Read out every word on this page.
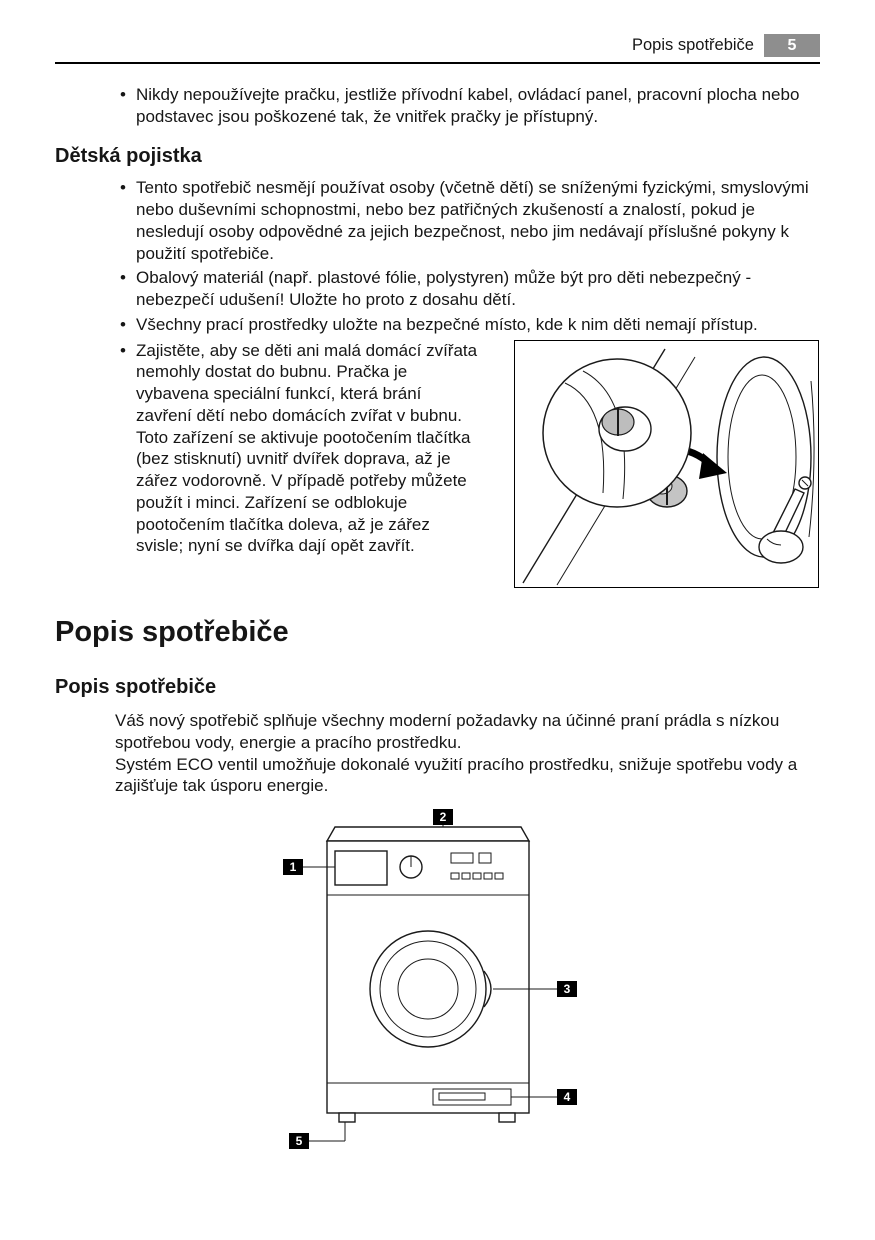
Popis spotřebiče	5
• Nikdy nepoužívejte pračku, jestliže přívodní kabel, ovládací panel, pracovní plocha nebo podstavec jsou poškozené tak, že vnitřek pračky je přístupný.
Dětská pojistka
• Tento spotřebič nesmějí používat osoby (včetně dětí) se sníženými fyzickými, smyslovými nebo duševními schopnostmi, nebo bez patřičných zkušeností a znalostí, pokud je nesledují osoby odpovědné za jejich bezpečnost, nebo jim nedávají příslušné pokyny k použití spotřebiče.
• Obalový materiál (např. plastové fólie, polystyren) může být pro děti nebezpečný - nebezpečí udušení! Uložte ho proto z dosahu dětí.
• Všechny prací prostředky uložte na bezpečné místo, kde k nim děti nemají přístup.
• Zajistěte, aby se děti ani malá domácí zvířata nemohly dostat do bubnu. Pračka je vybavena speciální funkcí, která brání zavření dětí nebo domácích zvířat v bubnu. Toto zařízení se aktivuje pootočením tlačítka (bez stisknutí) uvnitř dvířek doprava, až je zářez vodorovně. V případě potřeby můžete použít i minci. Zařízení se odblokuje pootočením tlačítka doleva, až je zářez svisle; nyní se dvířka dají opět zavřít.
Popis spotřebiče
Popis spotřebiče

Váš nový spotřebič splňuje všechny moderní požadavky na účinné praní prádla s nízkou spotřebou vody, energie a pracího prostředku.

Systém ECO ventil umožňuje dokonalé využití pracího prostředku, snižuje spotřebu vody a zajišťuje tak úsporu energie.

2
1
3
4
5
